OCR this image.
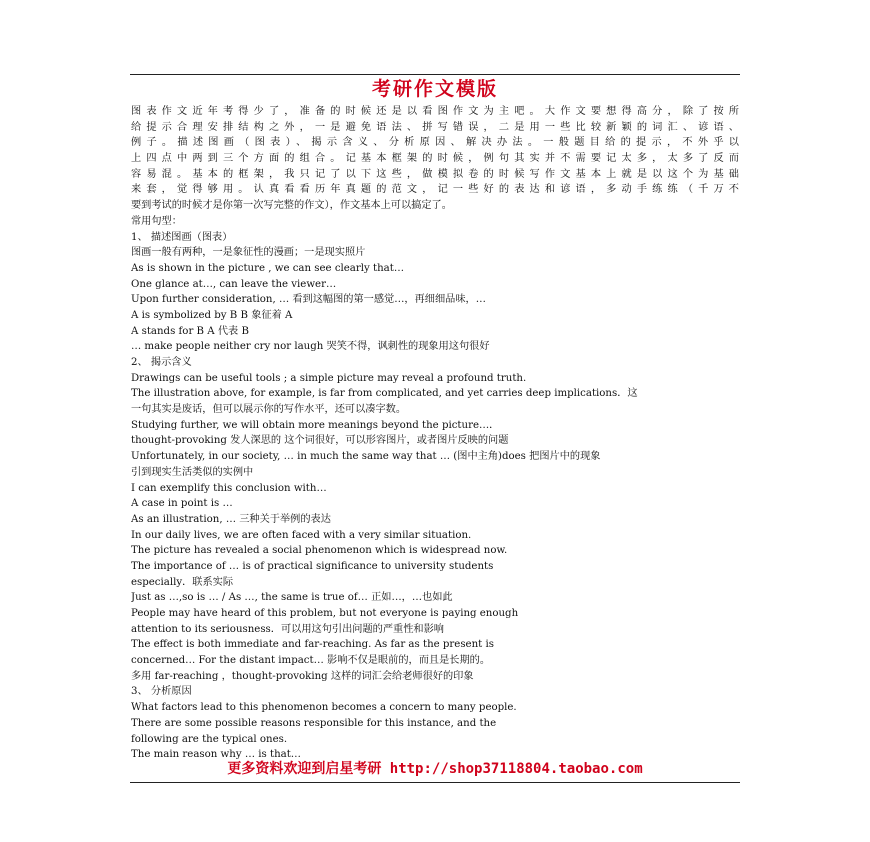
考研作文模版
图表作文近年考得少了，准备的时候还是以看图作文为主吧。大作文要想得高分，除了按所
给提示合理安排结构之外，一是避免语法、拼写错误，二是用一些比较新颖的词汇、谚语、
例子。描述图画（图表）、揭示含义、分析原因、解决办法。一般题目给的提示，不外乎以
上四点中两到三个方面的组合。记基本框架的时候，例句其实并不需要记太多，太多了反而
容易混。基本的框架，我只记了以下这些，做模拟卷的时候写作文基本上就是以这个为基础
来套，觉得够用。认真看看历年真题的范文，记一些好的表达和谚语，多动手练练（千万不
要到考试的时候才是你第一次写完整的作文），作文基本上可以搞定了。
常用句型：
1、 描述图画（图表）
图画一般有两种，一是象征性的漫画；一是现实照片
As is shown in the picture , we can see clearly that…
One glance at…, can leave the viewer…
Upon further consideration, … 看到这幅图的第一感觉…，再细细品味，…
A is symbolized by B B 象征着 A
A stands for B A 代表 B
… make people neither cry nor laugh 哭笑不得，讽刺性的现象用这句很好
2、 揭示含义
Drawings can be useful tools ; a simple picture may reveal a profound truth.
The illustration above, for example, is far from complicated, and yet carries deep implications．这
一句其实是废话，但可以展示你的写作水平，还可以凑字数。
Studying further, we will obtain more meanings beyond the picture…．
thought-provoking 发人深思的 这个词很好，可以形容图片，或者图片反映的问题
Unfortunately, in our society, … in much the same way that … (图中主角)does 把图片中的现象
引到现实生活类似的实例中
I can exemplify this conclusion with…
A case in point is …
As an illustration, … 三种关于举例的表达
In our daily lives, we are often faced with a very similar situation.
The picture has revealed a social phenomenon which is widespread now.
The importance of … is of practical significance to university students
especially．联系实际
Just as …,so is … / As …, the same is true of… 正如…，…也如此
People may have heard of this problem, but not everyone is paying enough
attention to its seriousness．可以用这句引出问题的严重性和影响
The effect is both immediate and far-reaching. As far as the present is
concerned… For the distant impact… 影响不仅是眼前的，而且是长期的。
多用 far-reaching ，thought-provoking 这样的词汇会给老师很好的印象
3、 分析原因
What factors lead to this phenomenon becomes a concern to many people.
There are some possible reasons responsible for this instance, and the
following are the typical ones.
The main reason why … is that…
更多资料欢迎到启星考研 http://shop37118804.taobao.com
